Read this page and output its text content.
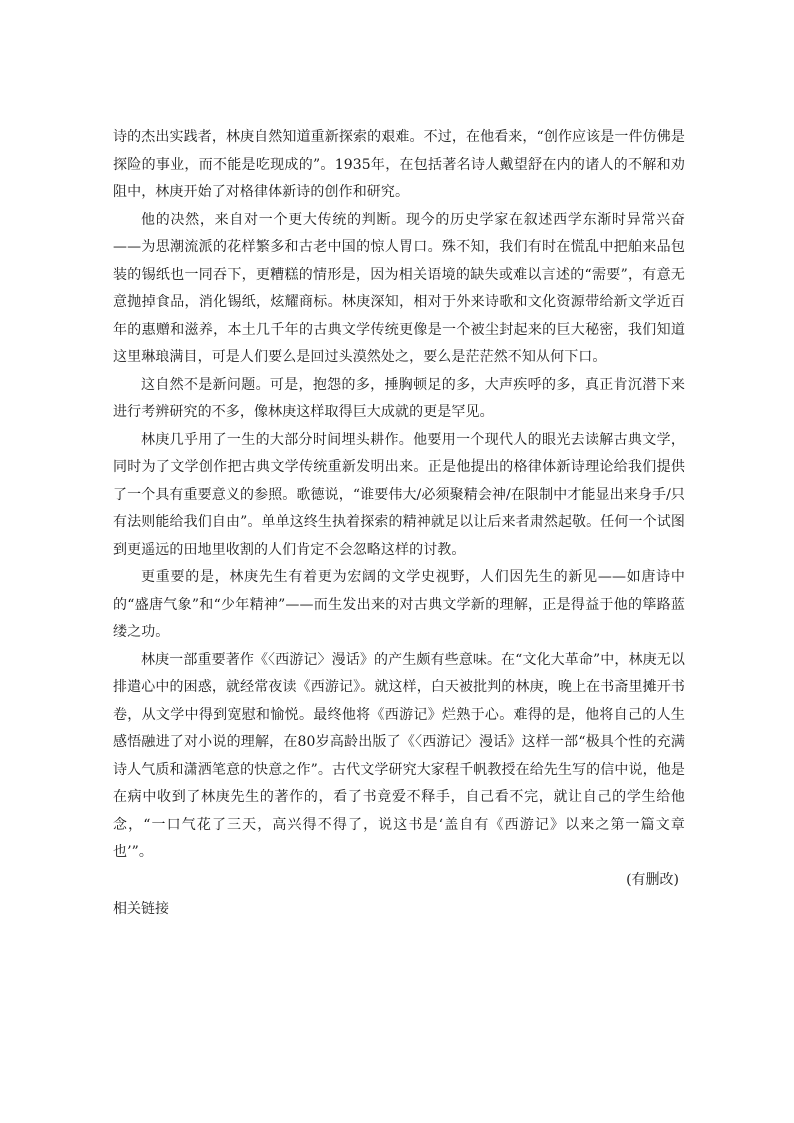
诗的杰出实践者，林庚自然知道重新探索的艰难。不过，在他看来，“创作应该是一件仿佛是探险的事业，而不能是吃现成的”。1935年，在包括著名诗人戴望舒在内的诸人的不解和劝阻中，林庚开始了对格律体新诗的创作和研究。

他的决然，来自对一个更大传统的判断。现今的历史学家在叙述西学东渐时异常兴奋——为思潮流派的花样繁多和古老中国的惊人胃口。殊不知，我们有时在慌乱中把舶来品包装的锡纸也一同吞下，更糟糕的情形是，因为相关语境的缺失或难以言述的“需要”，有意无意抛掉食品，消化锡纸，炫耀商标。林庚深知，相对于外来诗歌和文化资源带给新文学近百年的惠赠和滋养，本土几千年的古典文学传统更像是一个被尘封起来的巨大秘密，我们知道这里琳琅满目，可是人们要么是回过头漠然处之，要么是茫茫然不知从何下口。

这自然不是新问题。可是，抱怨的多，捶胸顿足的多，大声疾呼的多，真正肯沉潜下来进行考辨研究的不多，像林庚这样取得巨大成就的更是罕见。

林庚几乎用了一生的大部分时间埋头耕作。他要用一个现代人的眼光去读解古典文学，同时为了文学创作把古典文学传统重新发明出来。正是他提出的格律体新诗理论给我们提供了一个具有重要意义的参照。歌德说，“谁要伟大/必须聚精会神/在限制中才能显出来身手/只有法则能给我们自由”。单单这终生执着探索的精神就足以让后来者肃然起敬。任何一个试图到更遥远的田地里收割的人们肯定不会忽略这样的讨教。

更重要的是，林庚先生有着更为宏阔的文学史视野，人们因先生的新见——如唐诗中的“盛唐气象”和“少年精神”——而生发出来的对古典文学新的理解，正是得益于他的筚路蓝缕之功。

林庚一部重要著作《〈西游记〉漫话》的产生颇有些意味。在“文化大革命”中，林庚无以排遣心中的困惑，就经常夜读《西游记》。就这样，白天被批判的林庚，晚上在书斋里摊开书卷，从文学中得到宽慰和愉悦。最终他将《西游记》烂熟于心。难得的是，他将自己的人生感悟融进了对小说的理解，在80岁高龄出版了《〈西游记〉漫话》这样一部“极具个性的充满诗人气质和潇洒笔意的快意之作”。古代文学研究大家程千帆教授在给先生写的信中说，他是在病中收到了林庚先生的著作的，看了书竟爱不释手，自己看不完，就让自己的学生给他念，“一口气花了三天，高兴得不得了，说这书是‘盖自有《西游记》以来之第一篇文章也’”。

(有删改)

相关链接
